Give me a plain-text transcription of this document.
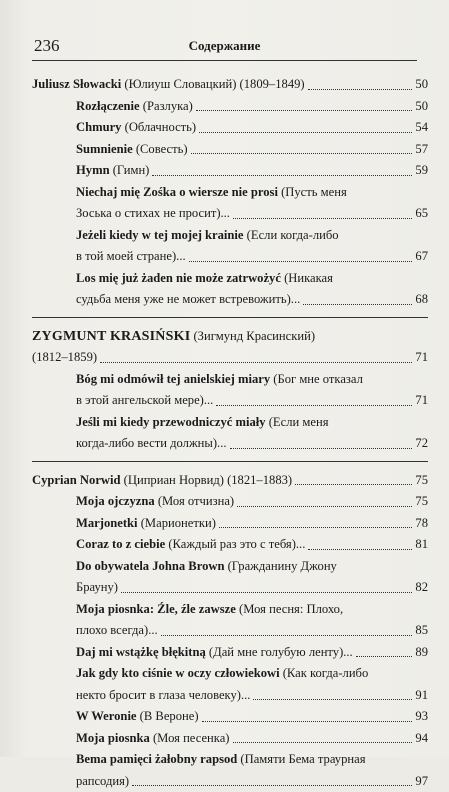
236	Содержание
Juliusz Słowacki (Юлиуш Словацкий) (1809–1849)	50
Rozłączenie (Разлука)	50
Chmury (Облачность)	54
Sumnienie (Совесть)	57
Hymn (Гимн)	59
Niechaj mię Zośka o wiersze nie prosi (Пусть меня
Зоська о стихах не просит)...	65
Jeżeli kiedy w tej mojej krainie (Если когда-либо
в той моей стране)...	67
Los mię już żaden nie może zatrwożyć (Никакая
судьба меня уже не может встревожить)...	68
ZYGMUNT KRASIŃSKI (Зигмунд Красинский)
(1812–1859)	71
Bóg mi odmówił tej anielskiej miary (Бог мне отказал
в этой ангельской мере)...	71
Jeśli mi kiedy przewodniczyć miały (Если меня
когда-либо вести должны)...	72
Cyprian Norwid (Циприан Норвид) (1821–1883)	75
Moja ojczyzna (Моя отчизна)	75
Marjonetki (Марионетки)	78
Coraz to z ciebie (Каждый раз это с тебя)...	81
Do obywatela Johna Brown (Гражданину Джону
Брауну)	82
Moja piosnka: Źle, źle zawsze (Моя песня: Плохо,
плохо всегда)...	85
Daj mi wstążkę błękitną (Дай мне голубую ленту)...	89
Jak gdy kto ciśnie w oczy człowiekowi (Как когда-либо
некто бросит в глаза человеку)...	91
W Weronie (В Вероне)	93
Moja piosnka (Моя песенка)	94
Bema pamięci żałobny rapsod (Памяти Бема траурная
рапсодия)	97
